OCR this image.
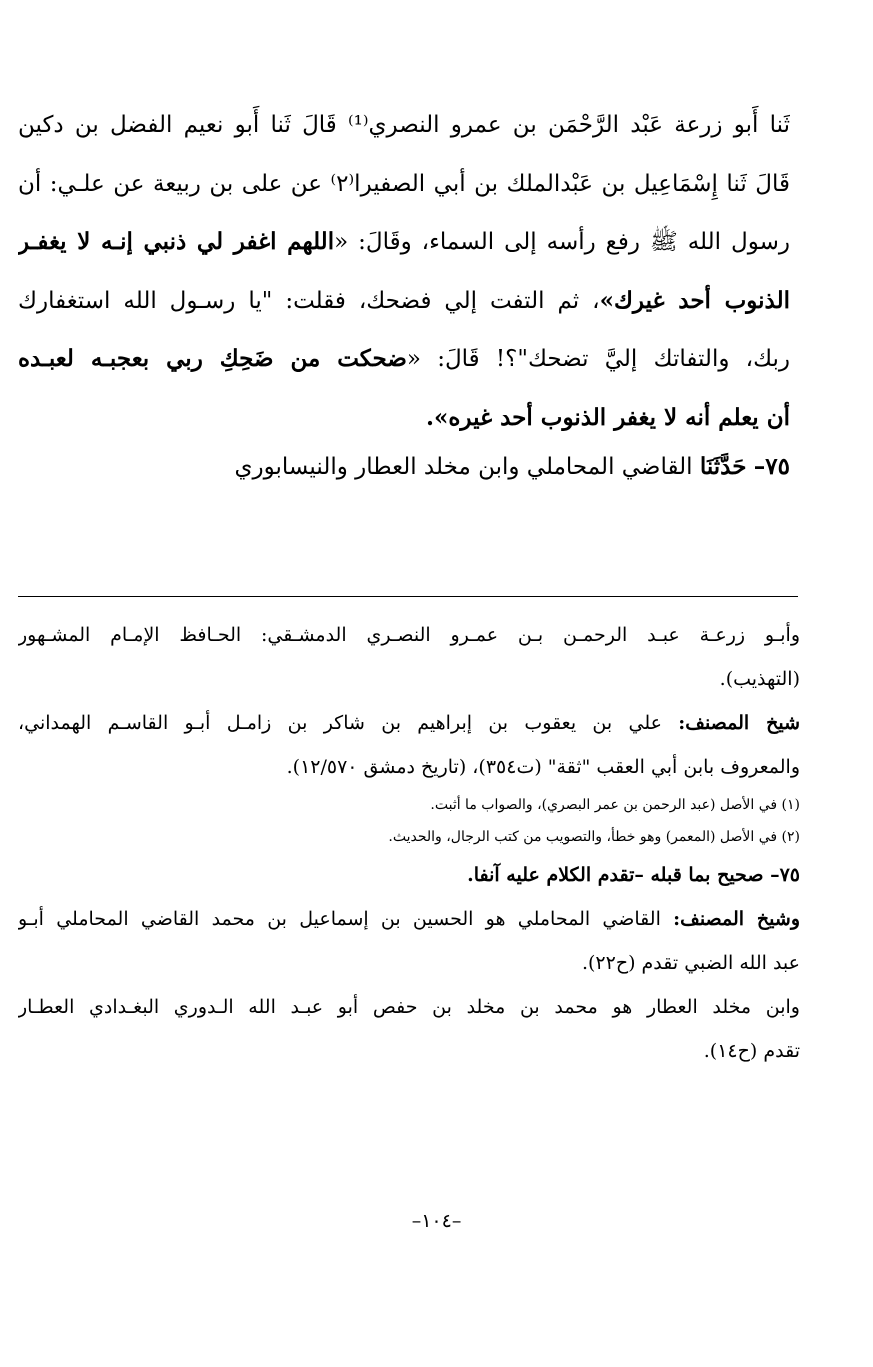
ثَنا أَبو زرعة عَبْد الرَّحْمَن بن عمرو النصري⁽¹⁾ قَالَ ثَنا أَبو نعيم الفضل بن دكين
قَالَ ثَنا إِسْمَاعِيل بن عَبْدالملك بن أبي الصفيرا⁽٢⁾ عن على بن ربيعة عن علـي: أن
رسول الله ﷺ رفع رأسه إلى السماء، وقَالَ: «اللهم اغفر لي ذنبي إنـه لا يغفـر
الذنوب أحد غيرك»، ثم التفت إلي فضحك، فقلت: "يا رسـول الله استغفارك
ربك، والتفاتك إليَّ تضحك"؟! قَالَ: «ضحكت من ضَحِكِ ربي بعجبـه لعبـده
أن يعلم أنه لا يغفر الذنوب أحد غيره».
٧٥– حَدَّثَنَا القاضي المحاملي وابن مخلد العطار والنيسابوري
وأبـو زرعـة عبـد الرحمـن بـن عمـرو النصـري الدمشـقي: الحـافظ الإمـام المشـهور
(التهذيب).
شيخ المصنف: علي بن يعقوب بن إبراهيم بن شاكر بن زامـل أبـو القاسـم الهمداني،
والمعروف بابن أبي العقب "ثقة" (ت٣٥٤)، (تاريخ دمشق ١٢/٥٧٠).
(١) في الأصل (عبد الرحمن بن عمر البصري)، والصواب ما أثبت.
(٢) في الأصل (المعمر) وهو خطأ، والتصويب من كتب الرجال، والحديث.
٧٥– صحيح بما قبله –تقدم الكلام عليه آنفا.
وشيخ المصنف: القاضي المحاملي هو الحسين بن إسماعيل بن محمد القاضي المحاملي أبـو
عبد الله الضبي تقدم (ح٢٢).
وابن مخلد العطار هو محمد بن مخلد بن حفص أبو عبـد الله الـدوري البغـدادي العطـار
تقدم (ح١٤).
–١٠٤–
